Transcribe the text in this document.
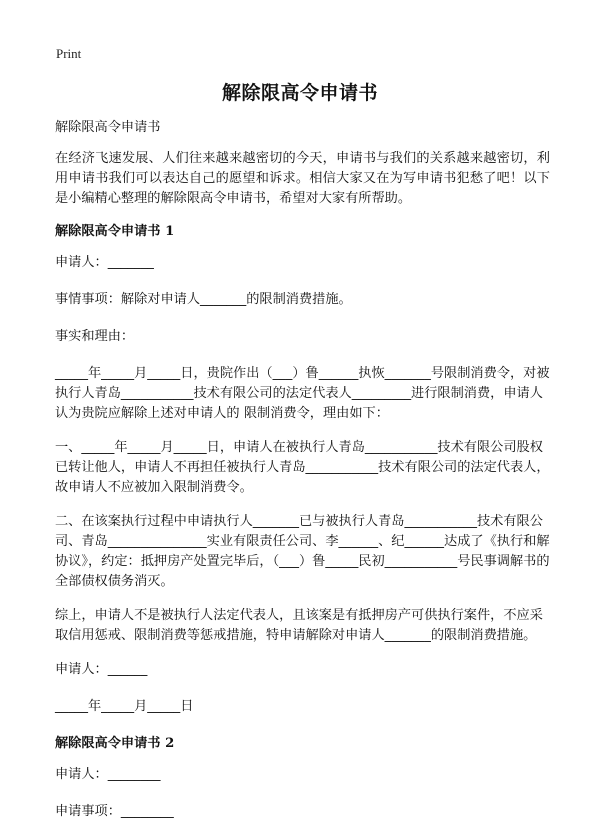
Print
解除限高令申请书

解除限高令申请书

在经济飞速发展、人们往来越来越密切的今天，申请书与我们的关系越来越密切，利用申请书我们可以表达自己的愿望和诉求。相信大家又在为写申请书犯愁了吧！以下是小编精心整理的解除限高令申请书，希望对大家有所帮助。

解除限高令申请书 1

申请人：_______

事情事项：解除对申请人_______的限制消费措施。

事实和理由：

_____年_____月_____日，贵院作出（___）鲁______执恢_______号限制消费令，对被执行人青岛___________技术有限公司的法定代表人_________进行限制消费，申请人认为贵院应解除上述对申请人的 限制消费令，理由如下：

一、_____年_____月_____日，申请人在被执行人青岛___________技术有限公司股权已转让他人，申请人不再担任被执行人青岛___________技术有限公司的法定代表人，故申请人不应被加入限制消费令。

二、在该案执行过程中申请执行人_______已与被执行人青岛___________技术有限公司、青岛_______________实业有限责任公司、李______、纪______达成了《执行和解协议》，约定：抵押房产处置完毕后，（___）鲁_____民初___________号民事调解书的全部债权债务消灭。

综上，申请人不是被执行人法定代表人，且该案是有抵押房产可供执行案件，不应采取信用惩戒、限制消费等惩戒措施，特申请解除对申请人_______的限制消费措施。

申请人：______

_____年_____月_____日

解除限高令申请书 2

申请人：________

申请事项：________
